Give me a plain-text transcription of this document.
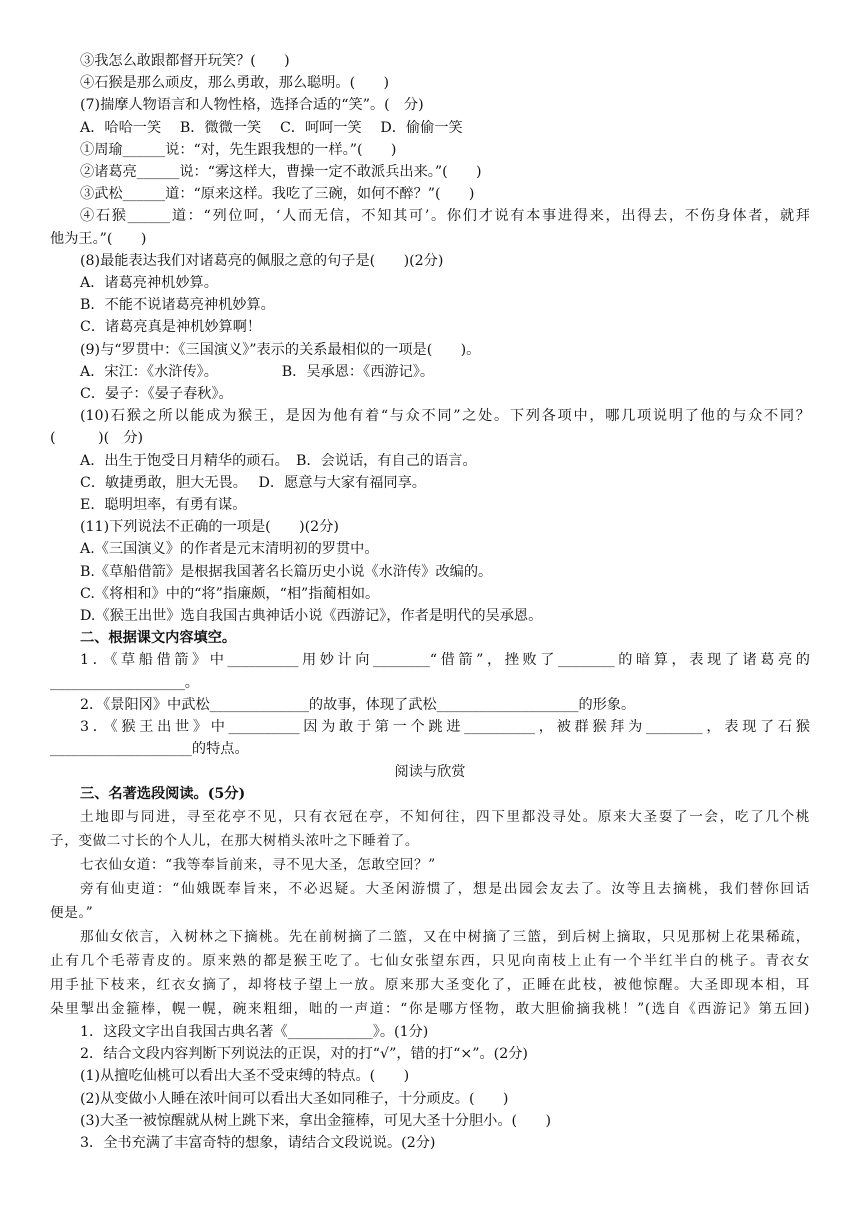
③我怎么敢跟都督开玩笑？(　　)
④石猴是那么顽皮，那么勇敢，那么聪明。(　　)
(7)揣摩人物语言和人物性格，选择合适的“笑”。(　分)
A．哈哈一笑　 B．微微一笑　 C．呵呵一笑　 D．偷偷一笑
①周瑜______说：“对，先生跟我想的一样。”(　　)
②诸葛亮______说：“雾这样大，曹操一定不敢派兵出来。”(　　)
③武松______道：“原来这样。我吃了三碗，如何不醉？”(　　)
④石猴______道：“列位呵，‘人而无信，不知其可’。你们才说有本事进得来，出得去，不伤身体者，就拜
他为王。”(　　)
(8)最能表达我们对诸葛亮的佩服之意的句子是(　　)(2分)
A．诸葛亮神机妙算。
B．不能不说诸葛亮神机妙算。
C．诸葛亮真是神机妙算啊！
(9)与“罗贯中：《三国演义》”表示的关系最相似的一项是(　　)。
A．宋江：《水浒传》。　　　　　B．吴承恩：《西游记》。
C．晏子：《晏子春秋》。
(10)石猴之所以能成为猴王，是因为他有着“与众不同”之处。下列各项中，哪几项说明了他的与众不同？
(　　　)(　分)
A．出生于饱受日月精华的顽石。　B．会说话，有自己的语言。
C．敏捷勇敢，胆大无畏。　 D．愿意与大家有福同享。
E．聪明坦率，有勇有谋。
(11)下列说法不正确的一项是(　　)(2分)
A.《三国演义》的作者是元末清明初的罗贯中。
B.《草船借箭》是根据我国著名长篇历史小说《水浒传》改编的。
C.《将相和》中的“将”指廉颇，“相”指蔺相如。
D.《猴王出世》选自我国古典神话小说《西游记》，作者是明代的吴承恩。
二、根据课文内容填空。
1．《草船借箭》中__________用妙计向________“借箭”，挫败了________的暗算，表现了诸葛亮的
___________________。
2．《景阳冈》中武松______________的故事，体现了武松____________________的形象。
3．《猴王出世》中__________因为敢于第一个跳进__________，被群猴拜为________，表现了石猴
____________________的特点。
阅读与欣赏
三、名著选段阅读。(5分)
土地即与同进，寻至花亭不见，只有衣冠在亭，不知何往，四下里都没寻处。原来大圣耍了一会，吃了几个桃
子，变做二寸长的个人儿，在那大树梢头浓叶之下睡着了。
七衣仙女道：“我等奉旨前来，寻不见大圣，怎敢空回？”
旁有仙吏道：“仙娥既奉旨来，不必迟疑。大圣闲游惯了，想是出园会友去了。汝等且去摘桃，我们替你回话
便是。”
那仙女依言，入树林之下摘桃。先在前树摘了二篮，又在中树摘了三篮，到后树上摘取，只见那树上花果稀疏，
止有几个毛蒂青皮的。原来熟的都是猴王吃了。七仙女张望东西，只见向南枝上止有一个半红半白的桃子。青衣女
用手扯下枝来，红衣女摘了，却将枝子望上一放。原来那大圣变化了，正睡在此枝，被他惊醒。大圣即现本相，耳
朵里掣出金箍棒，幌一幌，碗来粗细，咄的一声道：“你是哪方怪物，敢大胆偷摘我桃！”(选自《西游记》第五回)
1．这段文字出自我国古典名著《____________》。(1分)
2．结合文段内容判断下列说法的正误，对的打“√”，错的打“×”。(2分)
(1)从擅吃仙桃可以看出大圣不受束缚的特点。(　　)
(2)从变做小人睡在浓叶间可以看出大圣如同稚子，十分顽皮。(　　)
(3)大圣一被惊醒就从树上跳下来，拿出金箍棒，可见大圣十分胆小。(　　)
3．全书充满了丰富奇特的想象，请结合文段说说。(2分)
